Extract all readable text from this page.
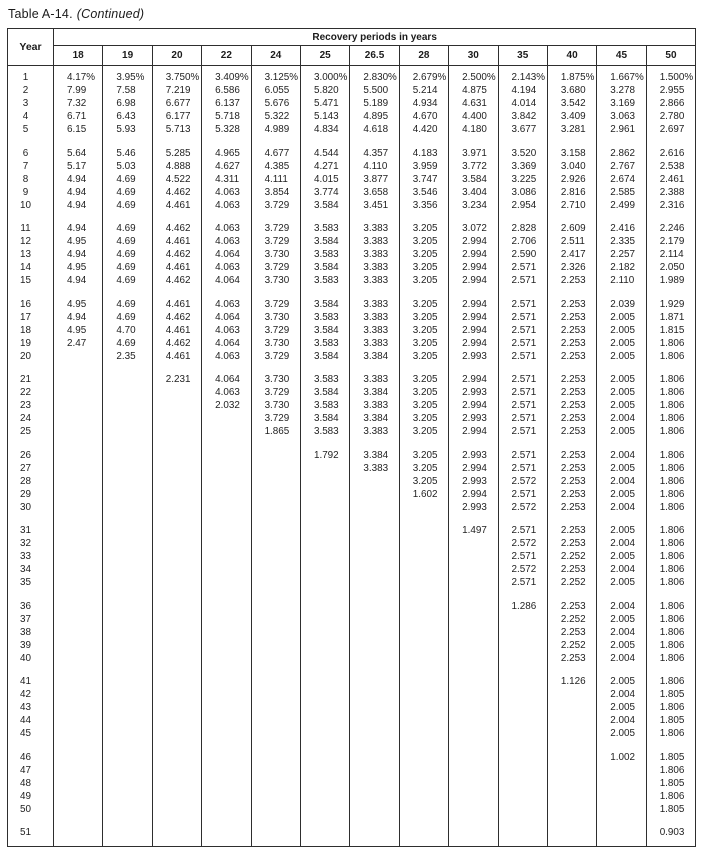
Table A-14. (Continued)
Year	Recovery periods in years												
	18	19	20	22	24	25	26.5	28	30	35	40	45	50

1	4.17%	3.95%	3.750%	3.409%	3.125%	3.000%	2.830%	2.679%	2.500%	2.143%	1.875%	1.667%	1.500%
2	7.99	7.58	7.219	6.586	6.055	5.820	5.500	5.214	4.875	4.194	3.680	3.278	2.955
3	7.32	6.98	6.677	6.137	5.676	5.471	5.189	4.934	4.631	4.014	3.542	3.169	2.866
4	6.71	6.43	6.177	5.718	5.322	5.143	4.895	4.670	4.400	3.842	3.409	3.063	2.780
5	6.15	5.93	5.713	5.328	4.989	4.834	4.618	4.420	4.180	3.677	3.281	2.961	2.697

6	5.64	5.46	5.285	4.965	4.677	4.544	4.357	4.183	3.971	3.520	3.158	2.862	2.616
7	5.17	5.03	4.888	4.627	4.385	4.271	4.110	3.959	3.772	3.369	3.040	2.767	2.538
8	4.94	4.69	4.522	4.311	4.111	4.015	3.877	3.747	3.584	3.225	2.926	2.674	2.461
9	4.94	4.69	4.462	4.063	3.854	3.774	3.658	3.546	3.404	3.086	2.816	2.585	2.388
10	4.94	4.69	4.461	4.063	3.729	3.584	3.451	3.356	3.234	2.954	2.710	2.499	2.316

11	4.94	4.69	4.462	4.063	3.729	3.583	3.383	3.205	3.072	2.828	2.609	2.416	2.246
12	4.95	4.69	4.461	4.063	3.729	3.584	3.383	3.205	2.994	2.706	2.511	2.335	2.179
13	4.94	4.69	4.462	4.064	3.730	3.583	3.383	3.205	2.994	2.590	2.417	2.257	2.114
14	4.95	4.69	4.461	4.063	3.729	3.584	3.383	3.205	2.994	2.571	2.326	2.182	2.050
15	4.94	4.69	4.462	4.064	3.730	3.583	3.383	3.205	2.994	2.571	2.253	2.110	1.989

16	4.95	4.69	4.461	4.063	3.729	3.584	3.383	3.205	2.994	2.571	2.253	2.039	1.929
17	4.94	4.69	4.462	4.064	3.730	3.583	3.383	3.205	2.994	2.571	2.253	2.005	1.871
18	4.95	4.70	4.461	4.063	3.729	3.584	3.383	3.205	2.994	2.571	2.253	2.005	1.815
19	2.47	4.69	4.462	4.064	3.730	3.583	3.383	3.205	2.994	2.571	2.253	2.005	1.806
20		2.35	4.461	4.063	3.729	3.584	3.384	3.205	2.993	2.571	2.253	2.005	1.806

21			2.231	4.064	3.730	3.583	3.383	3.205	2.994	2.571	2.253	2.005	1.806
22				4.063	3.729	3.584	3.384	3.205	2.993	2.571	2.253	2.005	1.806
23				2.032	3.730	3.583	3.383	3.205	2.994	2.571	2.253	2.005	1.806
24					3.729	3.584	3.384	3.205	2.993	2.571	2.253	2.004	1.806
25					1.865	3.583	3.383	3.205	2.994	2.571	2.253	2.005	1.806

26						1.792	3.384	3.205	2.993	2.571	2.253	2.004	1.806
27							3.383	3.205	2.994	2.571	2.253	2.005	1.806
28								3.205	2.993	2.572	2.253	2.004	1.806
29								1.602	2.994	2.571	2.253	2.005	1.806
30									2.993	2.572	2.253	2.004	1.806

31									1.497	2.571	2.253	2.005	1.806
32										2.572	2.253	2.004	1.806
33										2.571	2.252	2.005	1.806
34										2.572	2.253	2.004	1.806
35										2.571	2.252	2.005	1.806

36										1.286	2.253	2.004	1.806
37											2.252	2.005	1.806
38											2.253	2.004	1.806
39											2.252	2.005	1.806
40											2.253	2.004	1.806

41											1.126	2.005	1.806
42												2.004	1.805
43												2.005	1.806
44												2.004	1.805
45												2.005	1.806

46												1.002	1.805
47													1.806
48													1.805
49													1.806
50													1.805

51													0.903
